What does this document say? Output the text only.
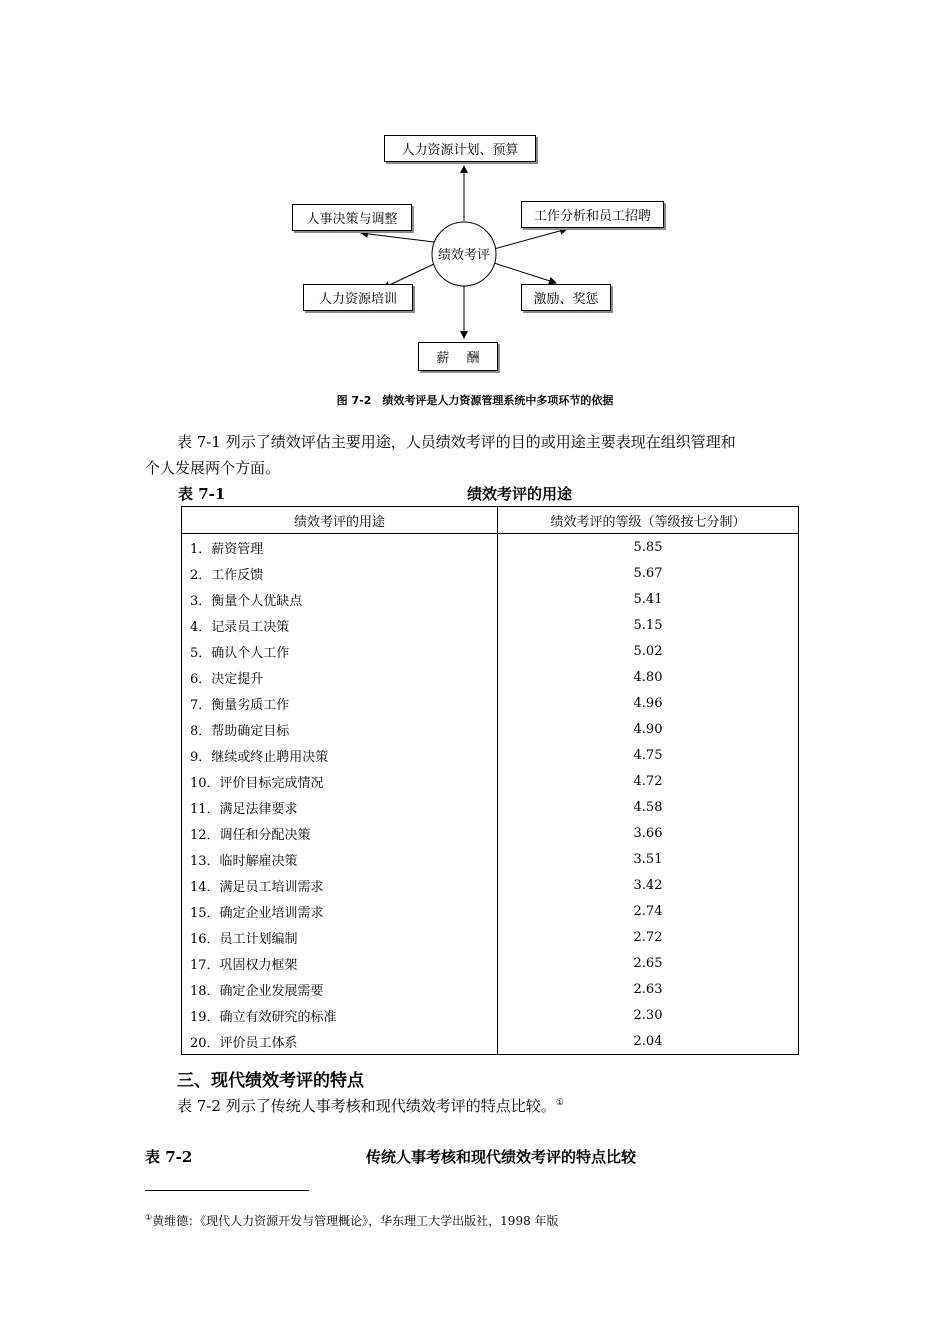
绩效考评
人力资源计划、预算
人事决策与调整	工作分析和员工招聘
人力资源培训	激励、奖惩
薪　 酬
图 7-2　绩效考评是人力资源管理系统中多项环节的依据
表 7-1 列示了绩效评估主要用途，人员绩效考评的目的或用途主要表现在组织管理和
个人发展两个方面。
表 7-1	绩效考评的用途
绩效考评的用途	绩效考评的等级（等级按七分制）
1．薪资管理	5.85
2．工作反馈	5.67
3．衡量个人优缺点	5.41
4．记录员工决策	5.15
5．确认个人工作	5.02
6．决定提升	4.80
7．衡量劣质工作	4.96
8．帮助确定目标	4.90
9．继续或终止聘用决策	4.75
10．评价目标完成情况	4.72
11．满足法律要求	4.58
12．调任和分配决策	3.66
13．临时解雇决策	3.51
14．满足员工培训需求	3.42
15．确定企业培训需求	2.74
16．员工计划编制	2.72
17．巩固权力框架	2.65
18．确定企业发展需要	2.63
19．确立有效研究的标准	2.30
20．评价员工体系	2.04
三、现代绩效考评的特点
表 7-2 列示了传统人事考核和现代绩效考评的特点比较。①
表 7-2	传统人事考核和现代绩效考评的特点比较
①黄维德：《现代人力资源开发与管理概论》，华东理工大学出版社，1998 年版
